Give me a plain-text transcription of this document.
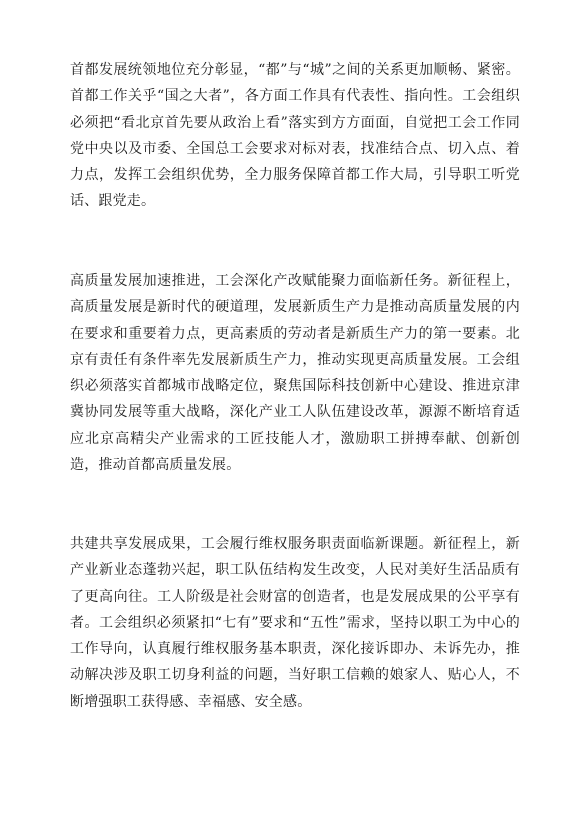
首都发展统领地位充分彰显，“都”与“城”之间的关系更加顺畅、紧密。首都工作关乎“国之大者”，各方面工作具有代表性、指向性。工会组织必须把“看北京首先要从政治上看”落实到方方面面，自觉把工会工作同党中央以及市委、全国总工会要求对标对表，找准结合点、切入点、着力点，发挥工会组织优势，全力服务保障首都工作大局，引导职工听党话、跟党走。

高质量发展加速推进，工会深化产改赋能聚力面临新任务。新征程上，高质量发展是新时代的硬道理，发展新质生产力是推动高质量发展的内在要求和重要着力点，更高素质的劳动者是新质生产力的第一要素。北京有责任有条件率先发展新质生产力，推动实现更高质量发展。工会组织必须落实首都城市战略定位，聚焦国际科技创新中心建设、推进京津冀协同发展等重大战略，深化产业工人队伍建设改革，源源不断培育适应北京高精尖产业需求的工匠技能人才，激励职工拼搏奉献、创新创造，推动首都高质量发展。

共建共享发展成果，工会履行维权服务职责面临新课题。新征程上，新产业新业态蓬勃兴起，职工队伍结构发生改变，人民对美好生活品质有了更高向往。工人阶级是社会财富的创造者，也是发展成果的公平享有者。工会组织必须紧扣“七有”要求和“五性”需求，坚持以职工为中心的工作导向，认真履行维权服务基本职责，深化接诉即办、未诉先办，推动解决涉及职工切身利益的问题，当好职工信赖的娘家人、贴心人，不断增强职工获得感、幸福感、安全感。
